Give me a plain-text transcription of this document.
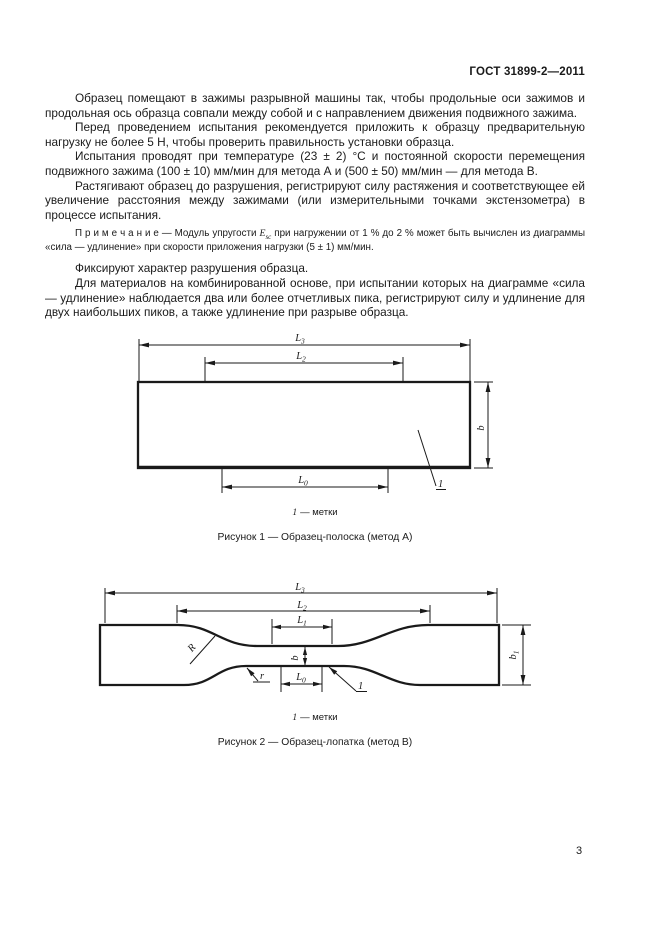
ГОСТ 31899-2—2011

Образец помещают в зажимы разрывной машины так, чтобы продольные оси зажимов и продольная ось образца совпали между собой и с направлением движения подвижного зажима.

Перед проведением испытания рекомендуется приложить к образцу предварительную нагрузку не более 5 Н, чтобы проверить правильность установки образца.

Испытания проводят при температуре (23 ± 2) °С и постоянной скорости перемещения подвижного зажима (100 ± 10) мм/мин для метода А и (500 ± 50) мм/мин — для метода В.

Растягивают образец до разрушения, регистрируют силу растяжения и соответствующее ей увеличение расстояния между зажимами (или измерительными точками экстензометра) в процессе испытания.

П р и м е ч а н и е — Модуль упругости $E_{sc}$ при нагружении от 1 % до 2 % может быть вычислен из диаграммы «сила — удлинение» при скорости приложения нагрузки (5 ± 1) мм/мин.

Фиксируют характер разрушения образца.

Для материалов на комбинированной основе, при испытании которых на диаграмме «сила — удлинение» наблюдается два или более отчетливых пика, регистрируют силу и удлинение для двух наибольших пиков, а также удлинение при разрыве образца.

$L_3$
$L_2$
b
$L_0$	1
1 — метки
Рисунок 1 — Образец-полоска (метод А)
$L_3$
$L_2$
$L_1$
b
$L_0$
$b_1$
R
r
1
1 — метки
Рисунок 2 — Образец-лопатка (метод В)
3
